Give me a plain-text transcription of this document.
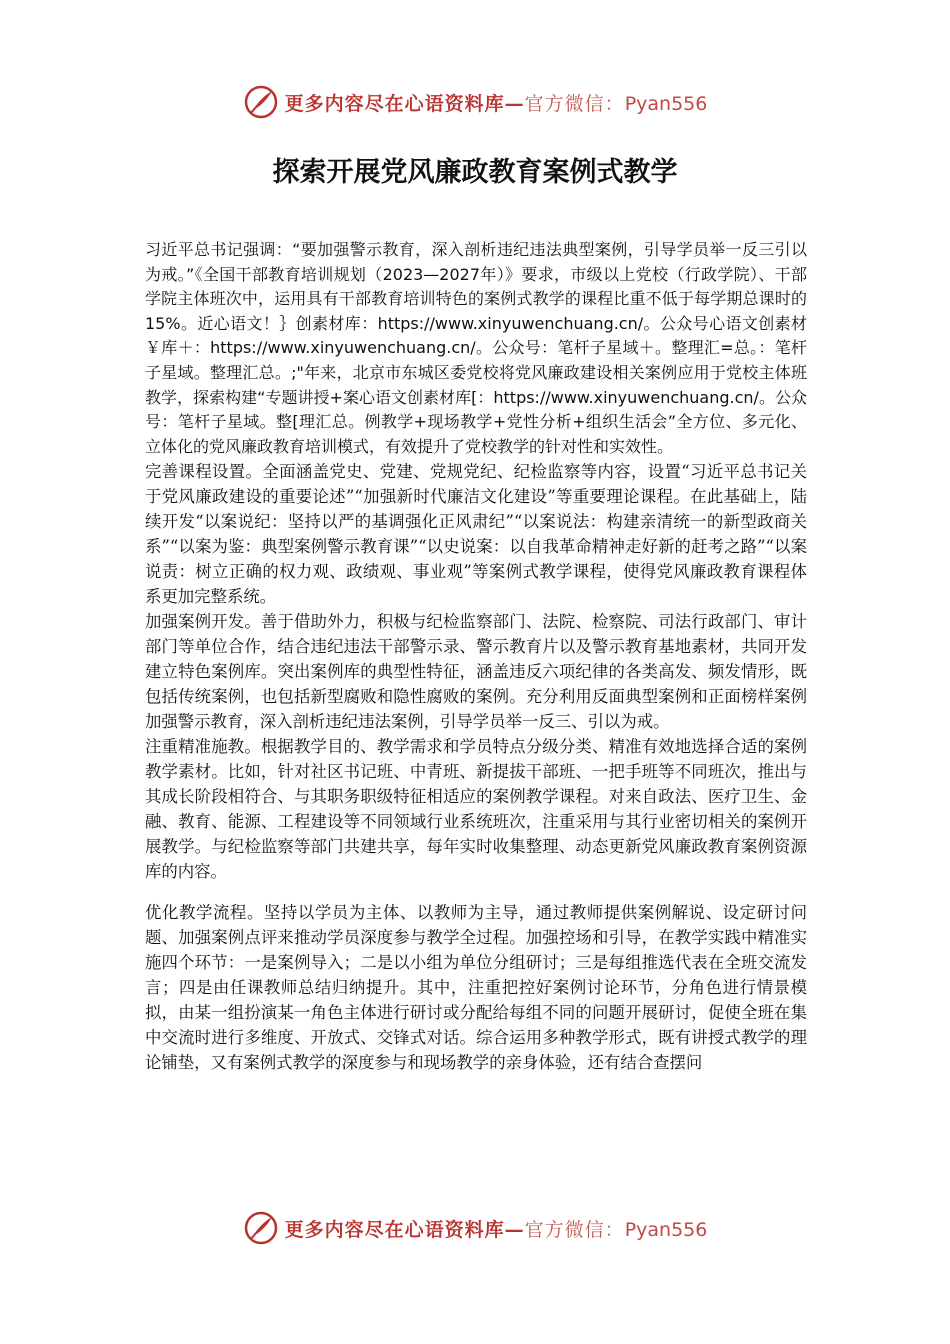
更多内容尽在心语资料库—官方微信：Pyan556
探索开展党风廉政教育案例式教学

习近平总书记强调：“要加强警示教育，深入剖析违纪违法典型案例，引导学员举一反三引以为戒。”《全国干部教育培训规划（2023—2027年）》要求，市级以上党校（行政学院）、干部学院主体班次中，运用具有干部教育培训特色的案例式教学的课程比重不低于每学期总课时的15%。近心语文！｝创素材库：https://www.xinyuwenchuang.cn/。公众号心语文创素材￥库＋：https://www.xinyuwenchuang.cn/。公众号：笔杆子星域＋。整理汇=总。：笔杆子星域。整理汇总。;"年来，北京市东城区委党校将党风廉政建设相关案例应用于党校主体班教学，探索构建“专题讲授+案心语文创素材库[：https://www.xinyuwenchuang.cn/。公众号：笔杆子星域。整[理汇总。例教学+现场教学+党性分析+组织生活会”全方位、多元化、立体化的党风廉政教育培训模式，有效提升了党校教学的针对性和实效性。

完善课程设置。全面涵盖党史、党建、党规党纪、纪检监察等内容，设置“习近平总书记关于党风廉政建设的重要论述”“加强新时代廉洁文化建设”等重要理论课程。在此基础上，陆续开发“以案说纪：坚持以严的基调强化正风肃纪”“以案说法：构建亲清统一的新型政商关系”“以案为鉴：典型案例警示教育课”“以史说案：以自我革命精神走好新的赶考之路”“以案说责：树立正确的权力观、政绩观、事业观”等案例式教学课程，使得党风廉政教育课程体系更加完整系统。

加强案例开发。善于借助外力，积极与纪检监察部门、法院、检察院、司法行政部门、审计部门等单位合作，结合违纪违法干部警示录、警示教育片以及警示教育基地素材，共同开发建立特色案例库。突出案例库的典型性特征，涵盖违反六项纪律的各类高发、频发情形，既包括传统案例，也包括新型腐败和隐性腐败的案例。充分利用反面典型案例和正面榜样案例加强警示教育，深入剖析违纪违法案例，引导学员举一反三、引以为戒。

注重精准施教。根据教学目的、教学需求和学员特点分级分类、精准有效地选择合适的案例教学素材。比如，针对社区书记班、中青班、新提拔干部班、一把手班等不同班次，推出与其成长阶段相符合、与其职务职级特征相适应的案例教学课程。对来自政法、医疗卫生、金融、教育、能源、工程建设等不同领域行业系统班次，注重采用与其行业密切相关的案例开展教学。与纪检监察等部门共建共享，每年实时收集整理、动态更新党风廉政教育案例资源库的内容。

优化教学流程。坚持以学员为主体、以教师为主导，通过教师提供案例解说、设定研讨问题、加强案例点评来推动学员深度参与教学全过程。加强控场和引导，在教学实践中精准实施四个环节：一是案例导入；二是以小组为单位分组研讨；三是每组推选代表在全班交流发言；四是由任课教师总结归纳提升。其中，注重把控好案例讨论环节，分角色进行情景模拟，由某一组扮演某一角色主体进行研讨或分配给每组不同的问题开展研讨，促使全班在集中交流时进行多维度、开放式、交锋式对话。综合运用多种教学形式，既有讲授式教学的理论铺垫，又有案例式教学的深度参与和现场教学的亲身体验，还有结合查摆问

更多内容尽在心语资料库—官方微信：Pyan556
